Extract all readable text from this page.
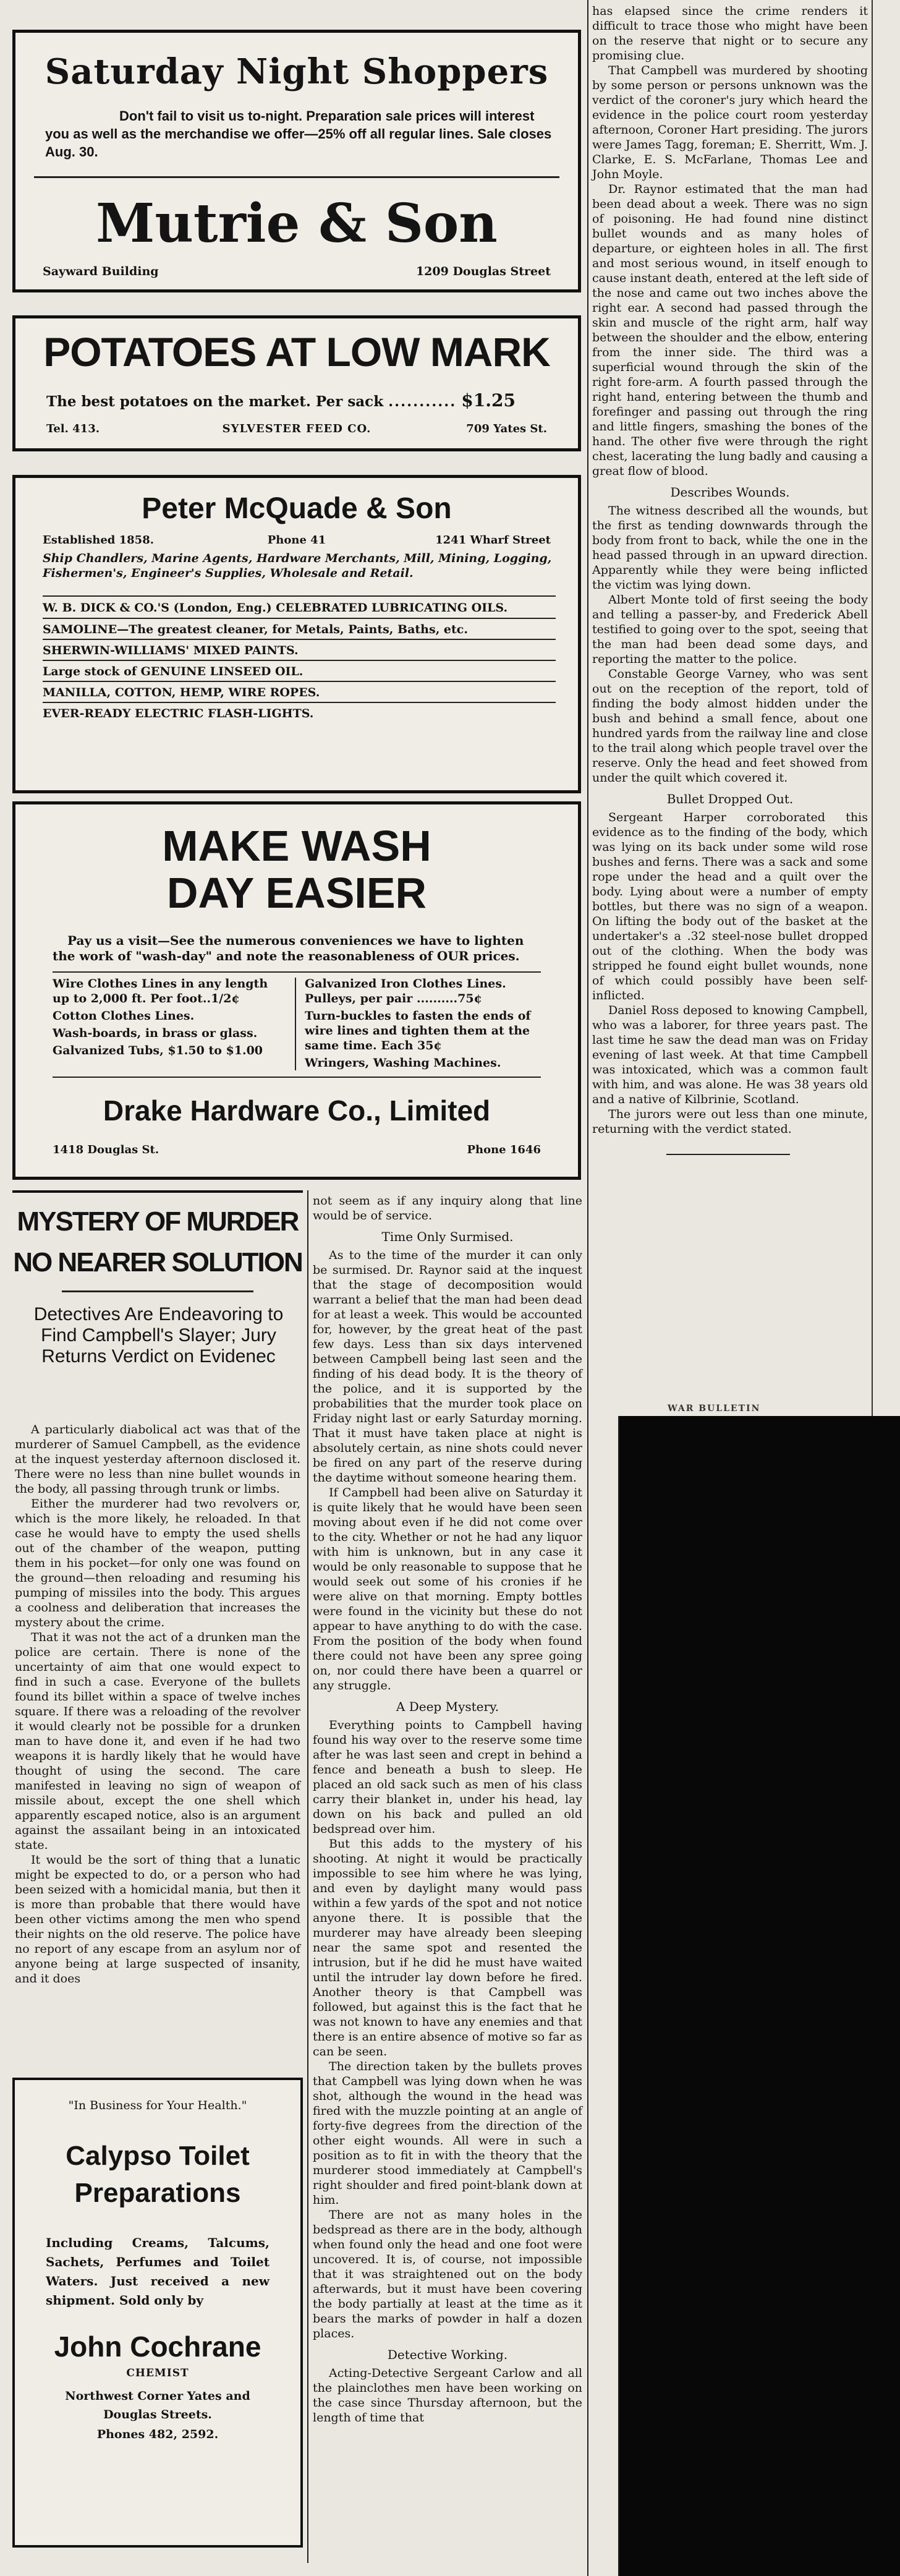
Saturday Night Shoppers

Don't fail to visit us to-night. Preparation sale prices will interest you as well as the merchandise we offer—25% off all regular lines. Sale closes Aug. 30.

Mutrie & Son
Sayward Building	1209 Douglas Street
POTATOES AT LOW MARK
The best potatoes on the market. Per sack ........... $1.25
Tel. 413.	SYLVESTER FEED CO.	709 Yates St.
Peter McQuade & Son
Established 1858.	Phone 41	1241 Wharf Street

Ship Chandlers, Marine Agents, Hardware Merchants, Mill, Mining, Logging, Fishermen's, Engineer's Supplies, Wholesale and Retail.

W. B. DICK & CO.'S (London, Eng.) CELEBRATED LUBRICATING OILS.
SAMOLINE—The greatest cleaner, for Metals, Paints, Baths, etc.
SHERWIN-WILLIAMS' MIXED PAINTS.
Large stock of GENUINE LINSEED OIL.
MANILLA, COTTON, HEMP, WIRE ROPES.
EVER-READY ELECTRIC FLASH-LIGHTS.
MAKE WASH
DAY EASIER

Pay us a visit—See the numerous conveniences we have to lighten the work of "wash-day" and note the reasonableness of OUR prices.

Wire Clothes Lines in any length up to 2,000 ft. Per foot..1/2¢
Cotton Clothes Lines.
Wash-boards, in brass or glass.
Galvanized Tubs, $1.50 to $1.00
Galvanized Iron Clothes Lines. Pulleys, per pair ..........75¢
Turn-buckles to fasten the ends of wire lines and tighten them at the same time. Each 35¢
Wringers, Washing Machines.
Drake Hardware Co., Limited
1418 Douglas St.	Phone 1646
MYSTERY OF MURDER
NO NEARER SOLUTION
Detectives Are Endeavoring to Find Campbell's Slayer; Jury Returns Verdict on Evidenec

A particularly diabolical act was that of the murderer of Samuel Campbell, as the evidence at the inquest yesterday afternoon disclosed it. There were no less than nine bullet wounds in the body, all passing through trunk or limbs.

Either the murderer had two revolvers or, which is the more likely, he reloaded. In that case he would have to empty the used shells out of the chamber of the weapon, putting them in his pocket—for only one was found on the ground—then reloading and resuming his pumping of missiles into the body. This argues a coolness and deliberation that increases the mystery about the crime.

That it was not the act of a drunken man the police are certain. There is none of the uncertainty of aim that one would expect to find in such a case. Everyone of the bullets found its billet within a space of twelve inches square. If there was a reloading of the revolver it would clearly not be possible for a drunken man to have done it, and even if he had two weapons it is hardly likely that he would have thought of using the second. The care manifested in leaving no sign of weapon of missile about, except the one shell which apparently escaped notice, also is an argument against the assailant being in an intoxicated state.

It would be the sort of thing that a lunatic might be expected to do, or a person who had been seized with a homicidal mania, but then it is more than probable that there would have been other victims among the men who spend their nights on the old reserve. The police have no report of any escape from an asylum nor of anyone being at large suspected of insanity, and it does

"In Business for Your Health."
Calypso Toilet
Preparations

Including Creams, Talcums, Sachets, Perfumes and Toilet Waters. Just received a new shipment. Sold only by

John Cochrane
CHEMIST
Northwest Corner Yates and
Douglas Streets.
Phones 482, 2592.

not seem as if any inquiry along that line would be of service.

Time Only Surmised.

As to the time of the murder it can only be surmised. Dr. Raynor said at the inquest that the stage of decomposition would warrant a belief that the man had been dead for at least a week. This would be accounted for, however, by the great heat of the past few days. Less than six days intervened between Campbell being last seen and the finding of his dead body. It is the theory of the police, and it is supported by the probabilities that the murder took place on Friday night last or early Saturday morning. That it must have taken place at night is absolutely certain, as nine shots could never be fired on any part of the reserve during the daytime without someone hearing them.

If Campbell had been alive on Saturday it is quite likely that he would have been seen moving about even if he did not come over to the city. Whether or not he had any liquor with him is unknown, but in any case it would be only reasonable to suppose that he would seek out some of his cronies if he were alive on that morning. Empty bottles were found in the vicinity but these do not appear to have anything to do with the case. From the position of the body when found there could not have been any spree going on, nor could there have been a quarrel or any struggle.

A Deep Mystery.

Everything points to Campbell having found his way over to the reserve some time after he was last seen and crept in behind a fence and beneath a bush to sleep. He placed an old sack such as men of his class carry their blanket in, under his head, lay down on his back and pulled an old bedspread over him.

But this adds to the mystery of his shooting. At night it would be practically impossible to see him where he was lying, and even by daylight many would pass within a few yards of the spot and not notice anyone there. It is possible that the murderer may have already been sleeping near the same spot and resented the intrusion, but if he did he must have waited until the intruder lay down before he fired. Another theory is that Campbell was followed, but against this is the fact that he was not known to have any enemies and that there is an entire absence of motive so far as can be seen.

The direction taken by the bullets proves that Campbell was lying down when he was shot, although the wound in the head was fired with the muzzle pointing at an angle of forty-five degrees from the direction of the other eight wounds. All were in such a position as to fit in with the theory that the murderer stood immediately at Campbell's right shoulder and fired point-blank down at him.

There are not as many holes in the bedspread as there are in the body, although when found only the head and one foot were uncovered. It is, of course, not impossible that it was straightened out on the body afterwards, but it must have been covering the body partially at least at the time as it bears the marks of powder in half a dozen places.

Detective Working.

Acting-Detective Sergeant Carlow and all the plainclothes men have been working on the case since Thursday afternoon, but the length of time that

has elapsed since the crime renders it difficult to trace those who might have been on the reserve that night or to secure any promising clue.

That Campbell was murdered by shooting by some person or persons unknown was the verdict of the coroner's jury which heard the evidence in the police court room yesterday afternoon, Coroner Hart presiding. The jurors were James Tagg, foreman; E. Sherritt, Wm. J. Clarke, E. S. McFarlane, Thomas Lee and John Moyle.

Dr. Raynor estimated that the man had been dead about a week. There was no sign of poisoning. He had found nine distinct bullet wounds and as many holes of departure, or eighteen holes in all. The first and most serious wound, in itself enough to cause instant death, entered at the left side of the nose and came out two inches above the right ear. A second had passed through the skin and muscle of the right arm, half way between the shoulder and the elbow, entering from the inner side. The third was a superficial wound through the skin of the right fore-arm. A fourth passed through the right hand, entering between the thumb and forefinger and passing out through the ring and little fingers, smashing the bones of the hand. The other five were through the right chest, lacerating the lung badly and causing a great flow of blood.

Describes Wounds.

The witness described all the wounds, but the first as tending downwards through the body from front to back, while the one in the head passed through in an upward direction. Apparently while they were being inflicted the victim was lying down.

Albert Monte told of first seeing the body and telling a passer-by, and Frederick Abell testified to going over to the spot, seeing that the man had been dead some days, and reporting the matter to the police.

Constable George Varney, who was sent out on the reception of the report, told of finding the body almost hidden under the bush and behind a small fence, about one hundred yards from the railway line and close to the trail along which people travel over the reserve. Only the head and feet showed from under the quilt which covered it.

Bullet Dropped Out.

Sergeant Harper corroborated this evidence as to the finding of the body, which was lying on its back under some wild rose bushes and ferns. There was a sack and some rope under the head and a quilt over the body. Lying about were a number of empty bottles, but there was no sign of a weapon. On lifting the body out of the basket at the undertaker's a .32 steel-nose bullet dropped out of the clothing. When the body was stripped he found eight bullet wounds, none of which could possibly have been self-inflicted.

Daniel Ross deposed to knowing Campbell, who was a laborer, for three years past. The last time he saw the dead man was on Friday evening of last week. At that time Campbell was intoxicated, which was a common fault with him, and was alone. He was 38 years old and a native of Kilbrinie, Scotland.

The jurors were out less than one minute, returning with the verdict stated.

WAR BULLETIN
